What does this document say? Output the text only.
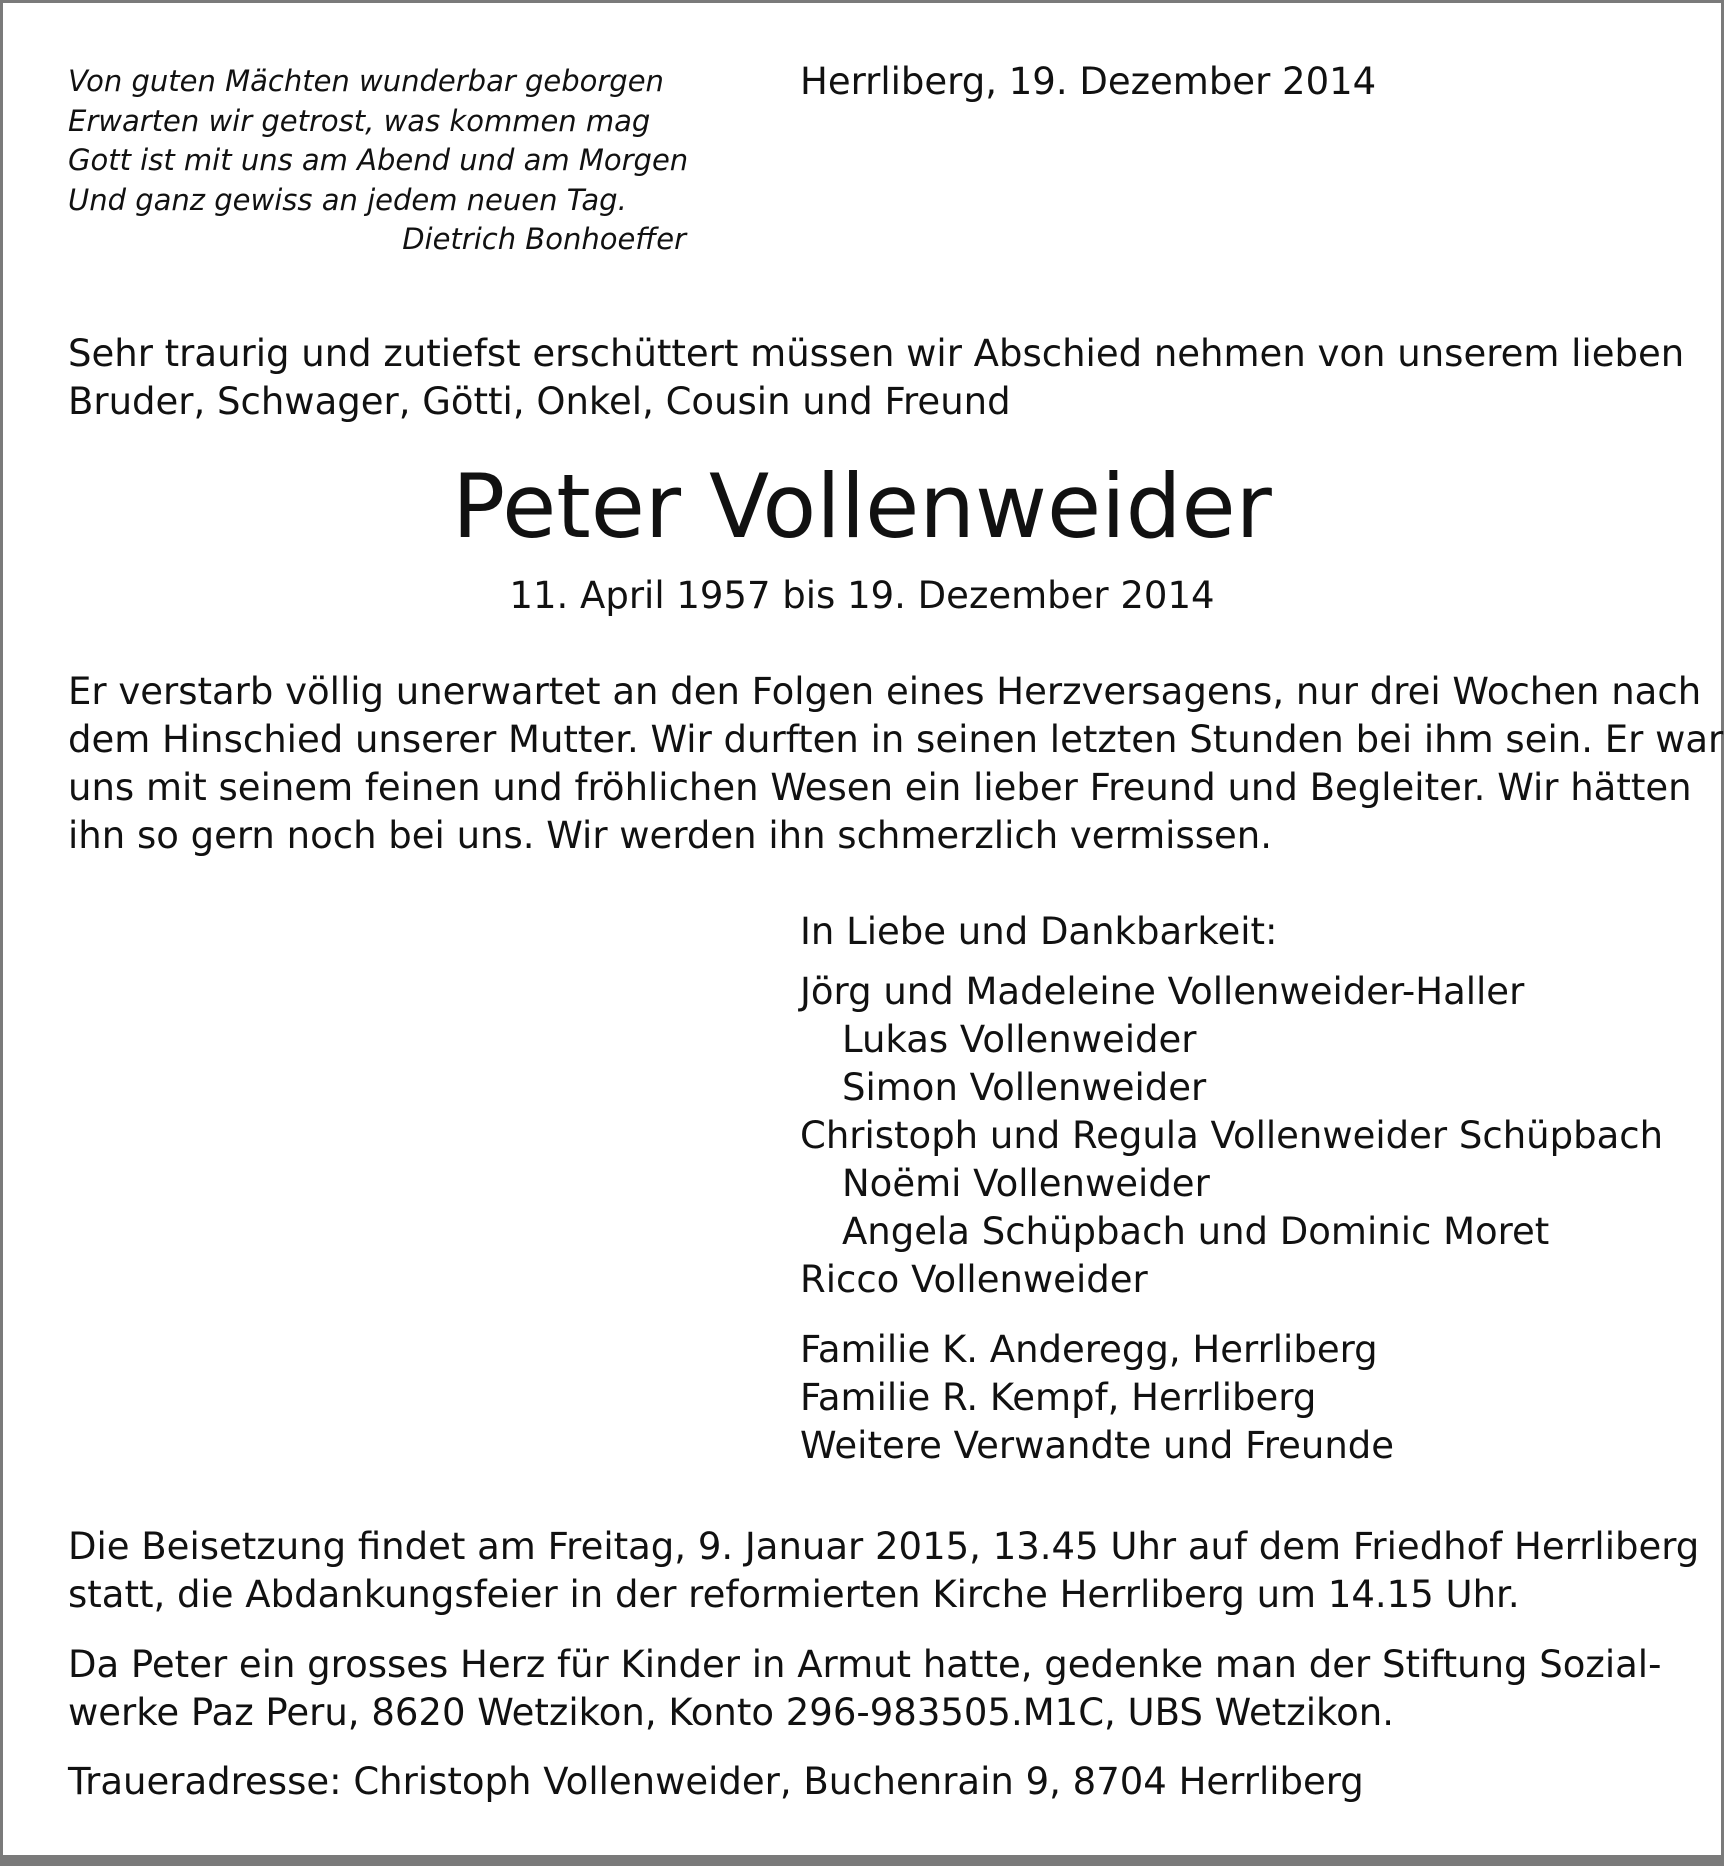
Von guten Mächten wunderbar geborgen
Erwarten wir getrost, was kommen mag
Gott ist mit uns am Abend und am Morgen
Und ganz gewiss an jedem neuen Tag.
Dietrich Bonhoeffer
Herrliberg, 19. Dezember 2014
Sehr traurig und zutiefst erschüttert müssen wir Abschied nehmen von unserem lieben
Bruder, Schwager, Götti, Onkel, Cousin und Freund
Peter Vollenweider
11. April 1957 bis 19. Dezember 2014
Er verstarb völlig unerwartet an den Folgen eines Herzversagens, nur drei Wochen nach
dem Hinschied unserer Mutter. Wir durften in seinen letzten Stunden bei ihm sein. Er war
uns mit seinem feinen und fröhlichen Wesen ein lieber Freund und Begleiter. Wir hätten
ihn so gern noch bei uns. Wir werden ihn schmerzlich vermissen.
In Liebe und Dankbarkeit:
Jörg und Madeleine Vollenweider-Haller
Lukas Vollenweider
Simon Vollenweider
Christoph und Regula Vollenweider Schüpbach
Noëmi Vollenweider
Angela Schüpbach und Dominic Moret
Ricco Vollenweider
Familie K. Anderegg, Herrliberg
Familie R. Kempf, Herrliberg
Weitere Verwandte und Freunde
Die Beisetzung findet am Freitag, 9. Januar 2015, 13.45 Uhr auf dem Friedhof Herrliberg
statt, die Abdankungsfeier in der reformierten Kirche Herrliberg um 14.15 Uhr.
Da Peter ein grosses Herz für Kinder in Armut hatte, gedenke man der Stiftung Sozial-
werke Paz Peru, 8620 Wetzikon, Konto 296-983505.M1C, UBS Wetzikon.
Traueradresse: Christoph Vollenweider, Buchenrain 9, 8704 Herrliberg
